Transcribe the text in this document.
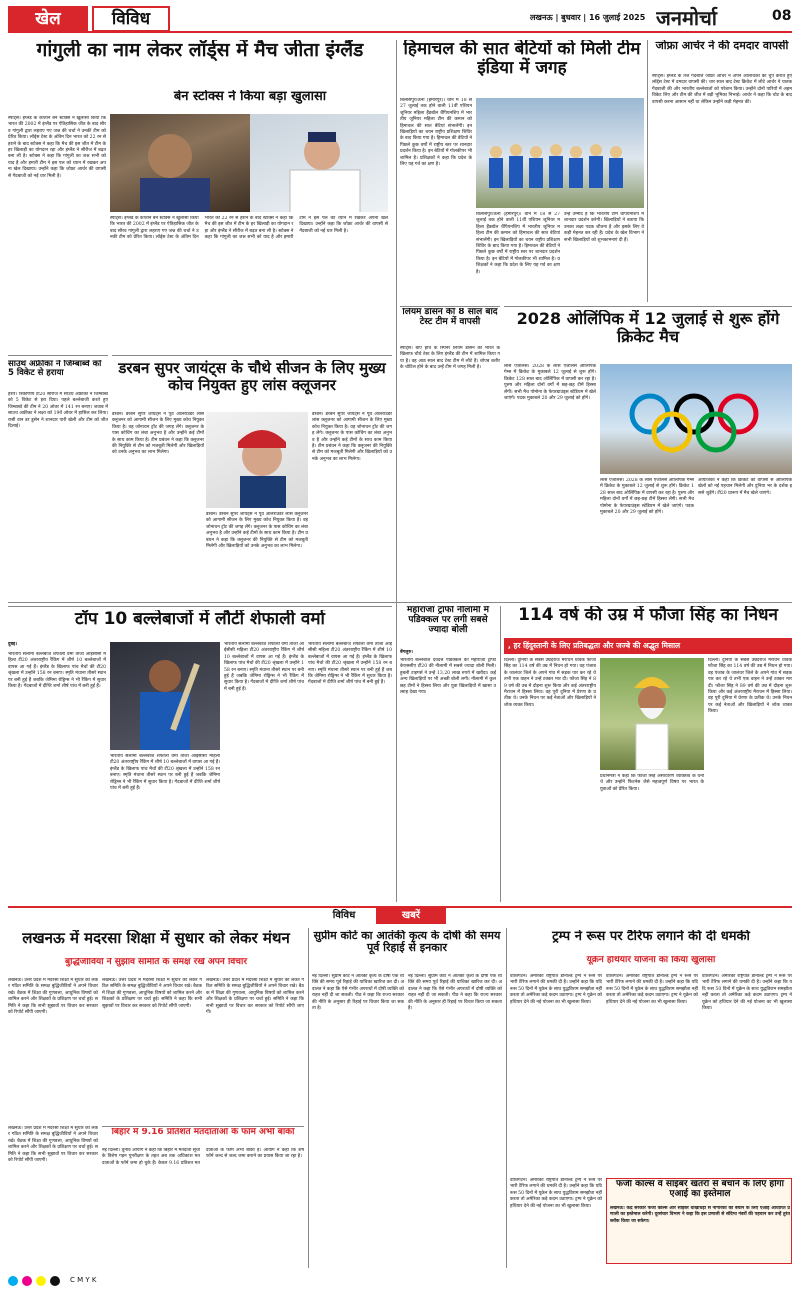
खेल	विविध	लखनऊ | बुधवार | 16 जुलाई 2025 जनमोर्चा	08
गांगुली का नाम लेकर लॉर्ड्स में मैच जीता इंग्लैंड
बेन स्टोक्स ने किया बड़ा खुलासा
स्पोर्ट्स। इंग्लैंड के कप्तान बेन स्टोक्स ने खुलासा किया कि भारत की 2002 में इंग्लैंड पर ऐतिहासिक जीत के बाद सौरव गांगुली द्वारा लहराए गए जश्न की चर्चा ने उनकी टीम को प्रेरित किया। लॉर्ड्स टेस्ट के अंतिम दिन भारत को 22 रन से हराने के बाद स्टोक्स ने कहा कि मैच की इस जीत में टीम के हर खिलाड़ी का योगदान रहा और इंग्लैंड ने सीरीज में बढ़त बना ली है। स्टोक्स ने कहा कि गांगुली का जश्न सभी को याद है और हमारी टीम ने इस पल को ध्यान में रखकर अपना खेल दिखाया। उन्होंने कहा कि जोफ्रा आर्चर की वापसी से गेंदबाजी को नई धार मिली है।
स्पोर्ट्स। इंग्लैंड के कप्तान बेन स्टोक्स ने खुलासा किया कि भारत की 2002 में इंग्लैंड पर ऐतिहासिक जीत के बाद सौरव गांगुली द्वारा लहराए गए जश्न की चर्चा ने उनकी टीम को प्रेरित किया। लॉर्ड्स टेस्ट के अंतिम दिन भारत को 22 रन से हराने के बाद स्टोक्स ने कहा कि मैच की इस जीत में टीम के हर खिलाड़ी का योगदान रहा और इंग्लैंड ने सीरीज में बढ़त बना ली है। स्टोक्स ने कहा कि गांगुली का जश्न सभी को याद है और हमारी टीम ने इस पल को ध्यान में रखकर अपना खेल दिखाया। उन्होंने कहा कि जोफ्रा आर्चर की वापसी से गेंदबाजी को नई धार मिली है।
साउथ अफ्रीका ने जिम्बाब्वे को 5 विकेट से हराया
हरारे। त्रिकोणीय टी20 सीरीज में साउथ अफ्रीका ने जिम्बाब्वे को 5 विकेट से हरा दिया। पहले बल्लेबाजी करते हुए जिम्बाब्वे की टीम ने 20 ओवर में 141 रन बनाए। जवाब में साउथ अफ्रीका ने लक्ष्य को 19वें ओवर में हासिल कर लिया। रासी वान डर डुसेन ने शानदार पारी खेली और टीम को जीत दिलाई।
डरबन सुपर जायंट्स के चौथे सीजन के लिए मुख्य कोच नियुक्त हुए लांस क्लूजनर
डरबन। डरबन सुपर जायंट्स ने पूर्व ऑलराउंडर लांस क्लूजनर को आगामी सीजन के लिए मुख्य कोच नियुक्त किया है। वह जोनाथन ट्रॉट की जगह लेंगे। क्लूजनर के पास कोचिंग का लंबा अनुभव है और उन्होंने कई टीमों के साथ काम किया है। टीम प्रबंधन ने कहा कि क्लूजनर की नियुक्ति से टीम को मजबूती मिलेगी और खिलाड़ियों को उनके अनुभव का लाभ मिलेगा।
डरबन। डरबन सुपर जायंट्स ने पूर्व ऑलराउंडर लांस क्लूजनर को आगामी सीजन के लिए मुख्य कोच नियुक्त किया है। वह जोनाथन ट्रॉट की जगह लेंगे। क्लूजनर के पास कोचिंग का लंबा अनुभव है और उन्होंने कई टीमों के साथ काम किया है। टीम प्रबंधन ने कहा कि क्लूजनर की नियुक्ति से टीम को मजबूती मिलेगी और खिलाड़ियों को उनके अनुभव का लाभ मिलेगा।
डरबन। डरबन सुपर जायंट्स ने पूर्व ऑलराउंडर लांस क्लूजनर को आगामी सीजन के लिए मुख्य कोच नियुक्त किया है। वह जोनाथन ट्रॉट की जगह लेंगे। क्लूजनर के पास कोचिंग का लंबा अनुभव है और उन्होंने कई टीमों के साथ काम किया है। टीम प्रबंधन ने कहा कि क्लूजनर की नियुक्ति से टीम को मजबूती मिलेगी और खिलाड़ियों को उनके अनुभव का लाभ मिलेगा।
हिमाचल की सात बेटियों को मिली टीम इंडिया में जगह
बिलासपुर/ऊना (हमीरपुर)। चीन में 18 से 27 जुलाई तक होने वाली 11वीं एशियन जूनियर महिला हैंडबॉल चैंपियनशिप में भारतीय जूनियर महिला टीम की कमान को हिमाचल की सात बेटियां संभालेंगी। इन खिलाड़ियों का चयन राष्ट्रीय प्रशिक्षण शिविर के बाद किया गया है। हिमाचल की बेटियों ने पिछले कुछ वर्षों में राष्ट्रीय स्तर पर शानदार प्रदर्शन किया है। इन बेटियों में गोलकीपर भी शामिल है। प्रशिक्षकों ने कहा कि प्रदेश के लिए यह गर्व का क्षण है।
बिलासपुर/ऊना (हमीरपुर)। चीन में 18 से 27 जुलाई तक होने वाली 11वीं एशियन जूनियर महिला हैंडबॉल चैंपियनशिप में भारतीय जूनियर महिला टीम की कमान को हिमाचल की सात बेटियां संभालेंगी। इन खिलाड़ियों का चयन राष्ट्रीय प्रशिक्षण शिविर के बाद किया गया है। हिमाचल की बेटियों ने पिछले कुछ वर्षों में राष्ट्रीय स्तर पर शानदार प्रदर्शन किया है। इन बेटियों में गोलकीपर भी शामिल है। प्रशिक्षकों ने कहा कि प्रदेश के लिए यह गर्व का क्षण है।
उन्हें उम्मीद है कि भारतीय टीम चैंपियनशिप में शानदार प्रदर्शन करेगी। खिलाड़ियों ने बताया कि उनका लक्ष्य पदक जीतना है और इसके लिए वे कड़ी मेहनत कर रही हैं। प्रदेश के खेल विभाग ने सभी खिलाड़ियों को शुभकामनाएं दी हैं।
लियम डॉसन की 8 साल बाद टेस्ट टीम में वापसी
स्पोर्ट्स। बाएं हाथ के स्पिनर लियम डॉसन को भारत के खिलाफ चौथे टेस्ट के लिए इंग्लैंड की टीम में शामिल किया गया है। वह आठ साल बाद टेस्ट टीम में लौटे हैं। शोएब बशीर के चोटिल होने के बाद उन्हें टीम में जगह मिली है।
जोफ्रा आर्चर ने की दमदार वापसी
स्पोर्ट्स। इंग्लैंड के तेज गेंदबाज जोफ्रा आर्चर ने अपने आलोचकों को चुप कराते हुए लॉर्ड्स टेस्ट में दमदार वापसी की। चार साल बाद टेस्ट क्रिकेट में लौटे आर्चर ने घातक गेंदबाजी की और भारतीय बल्लेबाजों को परेशान किया। उन्होंने दोनों पारियों में अहम विकेट लिए और टीम की जीत में बड़ी भूमिका निभाई। आर्चर ने कहा कि चोट के बाद वापसी करना आसान नहीं था लेकिन उन्होंने कड़ी मेहनत की।
2028 ओलिंपिक में 12 जुलाई से शुरू होंगे क्रिकेट मैच
लॉस एंजेलिस। 2028 के लॉस एंजेलिस ओलिंपिक गेम्स में क्रिकेट के मुकाबले 12 जुलाई से शुरू होंगे। क्रिकेट 128 साल बाद ओलिंपिक में वापसी कर रहा है। पुरुष और महिला दोनों वर्गों में छह-छह टीमें हिस्सा लेंगी। सभी मैच पोमोना के फेयरग्राउंड्स स्टेडियम में खेले जाएंगे। पदक मुकाबले 20 और 29 जुलाई को होंगे।
लॉस एंजेलिस। 2028 के लॉस एंजेलिस ओलिंपिक गेम्स में क्रिकेट के मुकाबले 12 जुलाई से शुरू होंगे। क्रिकेट 128 साल बाद ओलिंपिक में वापसी कर रहा है। पुरुष और महिला दोनों वर्गों में छह-छह टीमें हिस्सा लेंगी। सभी मैच पोमोना के फेयरग्राउंड्स स्टेडियम में खेले जाएंगे। पदक मुकाबले 20 और 29 जुलाई को होंगे।
आयोजकों ने कहा कि क्रिकेट की वापसी से ओलिंपिक खेलों को नई पहचान मिलेगी और दुनिया भर के दर्शक इससे जुड़ेंगे। टी20 प्रारूप में मैच खेले जाएंगे।
टॉप 10 बल्लेबाजों में लौटीं शेफाली वर्मा
दुबई।
भारतीय सलामी बल्लेबाज शेफाली वर्मा ताजा आईसीसी महिला टी20 अंतरराष्ट्रीय रैंकिंग में शीर्ष 10 बल्लेबाजों में वापस आ गई हैं। इंग्लैंड के खिलाफ पांच मैचों की टी20 श्रृंखला में उन्होंने 158 रन बनाए। स्मृति मंधाना तीसरे स्थान पर बनी हुई हैं जबकि जेमिमा रोड्रिग्स ने भी रैंकिंग में सुधार किया है। गेंदबाजों में दीप्ति शर्मा शीर्ष पांच में बनी हुई हैं।
भारतीय सलामी बल्लेबाज शेफाली वर्मा ताजा आईसीसी महिला टी20 अंतरराष्ट्रीय रैंकिंग में शीर्ष 10 बल्लेबाजों में वापस आ गई हैं। इंग्लैंड के खिलाफ पांच मैचों की टी20 श्रृंखला में उन्होंने 158 रन बनाए। स्मृति मंधाना तीसरे स्थान पर बनी हुई हैं जबकि जेमिमा रोड्रिग्स ने भी रैंकिंग में सुधार किया है। गेंदबाजों में दीप्ति शर्मा शीर्ष पांच में बनी हुई हैं।
भारतीय सलामी बल्लेबाज शेफाली वर्मा ताजा आईसीसी महिला टी20 अंतरराष्ट्रीय रैंकिंग में शीर्ष 10 बल्लेबाजों में वापस आ गई हैं। इंग्लैंड के खिलाफ पांच मैचों की टी20 श्रृंखला में उन्होंने 158 रन बनाए। स्मृति मंधाना तीसरे स्थान पर बनी हुई हैं जबकि जेमिमा रोड्रिग्स ने भी रैंकिंग में सुधार किया है। गेंदबाजों में दीप्ति शर्मा शीर्ष पांच में बनी हुई हैं।
भारतीय सलामी बल्लेबाज शेफाली वर्मा ताजा आईसीसी महिला टी20 अंतरराष्ट्रीय रैंकिंग में शीर्ष 10 बल्लेबाजों में वापस आ गई हैं। इंग्लैंड के खिलाफ पांच मैचों की टी20 श्रृंखला में उन्होंने 158 रन बनाए। स्मृति मंधाना तीसरे स्थान पर बनी हुई हैं जबकि जेमिमा रोड्रिग्स ने भी रैंकिंग में सुधार किया है। गेंदबाजों में दीप्ति शर्मा शीर्ष पांच में बनी हुई हैं।
114 वर्ष की उम्र में फौजा सिंह का निधन
, हर हिंदुस्तानी के लिए प्रतिबद्धता और जज्बे की अद्भुत मिसाल
दिल्ली। दुनिया के सबसे उम्रदराज मैराथन धावक फौजा सिंह का 114 वर्ष की उम्र में निधन हो गया। वह पंजाब के जालंधर जिले के अपने गांव में सड़क पार कर रहे थे तभी एक वाहन ने उन्हें टक्कर मार दी। फौजा सिंह ने 89 वर्ष की उम्र में दौड़ना शुरू किया और कई अंतरराष्ट्रीय मैराथन में हिस्सा लिया। वह पूरी दुनिया में प्रेरणा के प्रतीक थे। उनके निधन पर कई नेताओं और खिलाड़ियों ने शोक व्यक्त किया।
प्रधानमंत्री ने कहा कि फौजा सिंह असाधारण व्यक्तित्व के धनी थे और उन्होंने फिटनेस जैसे महत्वपूर्ण विषय पर भारत के युवाओं को प्रेरित किया।
दिल्ली। दुनिया के सबसे उम्रदराज मैराथन धावक फौजा सिंह का 114 वर्ष की उम्र में निधन हो गया। वह पंजाब के जालंधर जिले के अपने गांव में सड़क पार कर रहे थे तभी एक वाहन ने उन्हें टक्कर मार दी। फौजा सिंह ने 89 वर्ष की उम्र में दौड़ना शुरू किया और कई अंतरराष्ट्रीय मैराथन में हिस्सा लिया। वह पूरी दुनिया में प्रेरणा के प्रतीक थे। उनके निधन पर कई नेताओं और खिलाड़ियों ने शोक व्यक्त किया।
विविध	खबरें
लखनऊ में मदरसा शिक्षा में सुधार को लेकर मंथन
बुद्धिजीवियों ने सुझाव समिति के समक्ष रखे अपने विचार
लखनऊ। उत्तर प्रदेश में मदरसा शिक्षा में सुधार को लेकर गठित समिति के समक्ष बुद्धिजीवियों ने अपने विचार रखे। बैठक में शिक्षा की गुणवत्ता, आधुनिक विषयों को शामिल करने और शिक्षकों के प्रशिक्षण पर चर्चा हुई। समिति ने कहा कि सभी सुझावों पर विचार कर सरकार को रिपोर्ट सौंपी जाएगी।
लखनऊ। उत्तर प्रदेश में मदरसा शिक्षा में सुधार को लेकर गठित समिति के समक्ष बुद्धिजीवियों ने अपने विचार रखे। बैठक में शिक्षा की गुणवत्ता, आधुनिक विषयों को शामिल करने और शिक्षकों के प्रशिक्षण पर चर्चा हुई। समिति ने कहा कि सभी सुझावों पर विचार कर सरकार को रिपोर्ट सौंपी जाएगी।
लखनऊ। उत्तर प्रदेश में मदरसा शिक्षा में सुधार को लेकर गठित समिति के समक्ष बुद्धिजीवियों ने अपने विचार रखे। बैठक में शिक्षा की गुणवत्ता, आधुनिक विषयों को शामिल करने और शिक्षकों के प्रशिक्षण पर चर्चा हुई। समिति ने कहा कि सभी सुझावों पर विचार कर सरकार को रिपोर्ट सौंपी जाएगी।
बिहार में 9.16 प्रतिशत मतदाताओं के फॉर्म अभी बाकी
नई दिल्ली। चुनाव आयोग ने कहा कि बिहार में मतदाता सूची के विशेष गहन पुनरीक्षण के तहत अब तक अधिकांश मतदाताओं के फॉर्म जमा हो चुके हैं। केवल 9.16 प्रतिशत मतदाताओं के फॉर्म अभी बाकी हैं। आयोग ने कहा कि शेष फॉर्म जल्द से जल्द जमा कराने का प्रयास किया जा रहा है।
लखनऊ। उत्तर प्रदेश में मदरसा शिक्षा में सुधार को लेकर गठित समिति के समक्ष बुद्धिजीवियों ने अपने विचार रखे। बैठक में शिक्षा की गुणवत्ता, आधुनिक विषयों को शामिल करने और शिक्षकों के प्रशिक्षण पर चर्चा हुई। समिति ने कहा कि सभी सुझावों पर विचार कर सरकार को रिपोर्ट सौंपी जाएगी।
सुप्रीम कोर्ट का आतंकी कृत्य के दोषी की समय पूर्व रिहाई से इनकार
नई दिल्ली। सुप्रीम कोर्ट ने आतंकी कृत्य के दोषी एक व्यक्ति की समय पूर्व रिहाई की याचिका खारिज कर दी। अदालत ने कहा कि ऐसे गंभीर अपराधों में दोषी व्यक्ति को राहत नहीं दी जा सकती। पीठ ने कहा कि राज्य सरकार की नीति के अनुसार ही रिहाई पर विचार किया जा सकता है।
नई दिल्ली। सुप्रीम कोर्ट ने आतंकी कृत्य के दोषी एक व्यक्ति की समय पूर्व रिहाई की याचिका खारिज कर दी। अदालत ने कहा कि ऐसे गंभीर अपराधों में दोषी व्यक्ति को राहत नहीं दी जा सकती। पीठ ने कहा कि राज्य सरकार की नीति के अनुसार ही रिहाई पर विचार किया जा सकता है।
ट्रम्प ने रूस पर टैरिफ लगाने की दी धमकी
यूक्रेन हथियार योजना का किया खुलासा
वॉशिंगटन। अमेरिकी राष्ट्रपति डोनाल्ड ट्रम्प ने रूस पर भारी टैरिफ लगाने की धमकी दी है। उन्होंने कहा कि यदि रूस 50 दिनों में यूक्रेन के साथ युद्धविराम समझौता नहीं करता तो अमेरिका कड़े कदम उठाएगा। ट्रम्प ने यूक्रेन को हथियार देने की नई योजना का भी खुलासा किया।
वॉशिंगटन। अमेरिकी राष्ट्रपति डोनाल्ड ट्रम्प ने रूस पर भारी टैरिफ लगाने की धमकी दी है। उन्होंने कहा कि यदि रूस 50 दिनों में यूक्रेन के साथ युद्धविराम समझौता नहीं करता तो अमेरिका कड़े कदम उठाएगा। ट्रम्प ने यूक्रेन को हथियार देने की नई योजना का भी खुलासा किया।
वॉशिंगटन। अमेरिकी राष्ट्रपति डोनाल्ड ट्रम्प ने रूस पर भारी टैरिफ लगाने की धमकी दी है। उन्होंने कहा कि यदि रूस 50 दिनों में यूक्रेन के साथ युद्धविराम समझौता नहीं करता तो अमेरिका कड़े कदम उठाएगा। ट्रम्प ने यूक्रेन को हथियार देने की नई योजना का भी खुलासा किया।
फर्जी कॉल्स व साइबर खतरों से बचाने के लिए होगा एआई का इस्तेमाल
लखनऊ। केंद्र सरकार फर्जी कॉल्स और साइबर धोखाधड़ी से नागरिकों को बचाने के लिए एआई आधारित प्रणाली का इस्तेमाल करेगी। दूरसंचार विभाग ने कहा कि इस प्रणाली से संदिग्ध नंबरों की पहचान कर उन्हें तुरंत ब्लॉक किया जा सकेगा।
वॉशिंगटन। अमेरिकी राष्ट्रपति डोनाल्ड ट्रम्प ने रूस पर भारी टैरिफ लगाने की धमकी दी है। उन्होंने कहा कि यदि रूस 50 दिनों में यूक्रेन के साथ युद्धविराम समझौता नहीं करता तो अमेरिका कड़े कदम उठाएगा। ट्रम्प ने यूक्रेन को हथियार देने की नई योजना का भी खुलासा किया।
C M Y K
महाराजा ट्रॉफी नीलामी में पडिक्कल पर लगी सबसे ज्यादा बोली
बेंगलुरु।
भारतीय बल्लेबाज देवदत्त पडिक्कल को महाराजा ट्रॉफी केएससीए टी20 की नीलामी में सबसे ज्यादा बोली मिली। हुबली टाइगर्स ने उन्हें 13.20 लाख रुपये में खरीदा। कई अन्य खिलाड़ियों पर भी अच्छी बोली लगी। नीलामी में कुल छह टीमों ने हिस्सा लिया और युवा खिलाड़ियों में खासा उत्साह देखा गया।
